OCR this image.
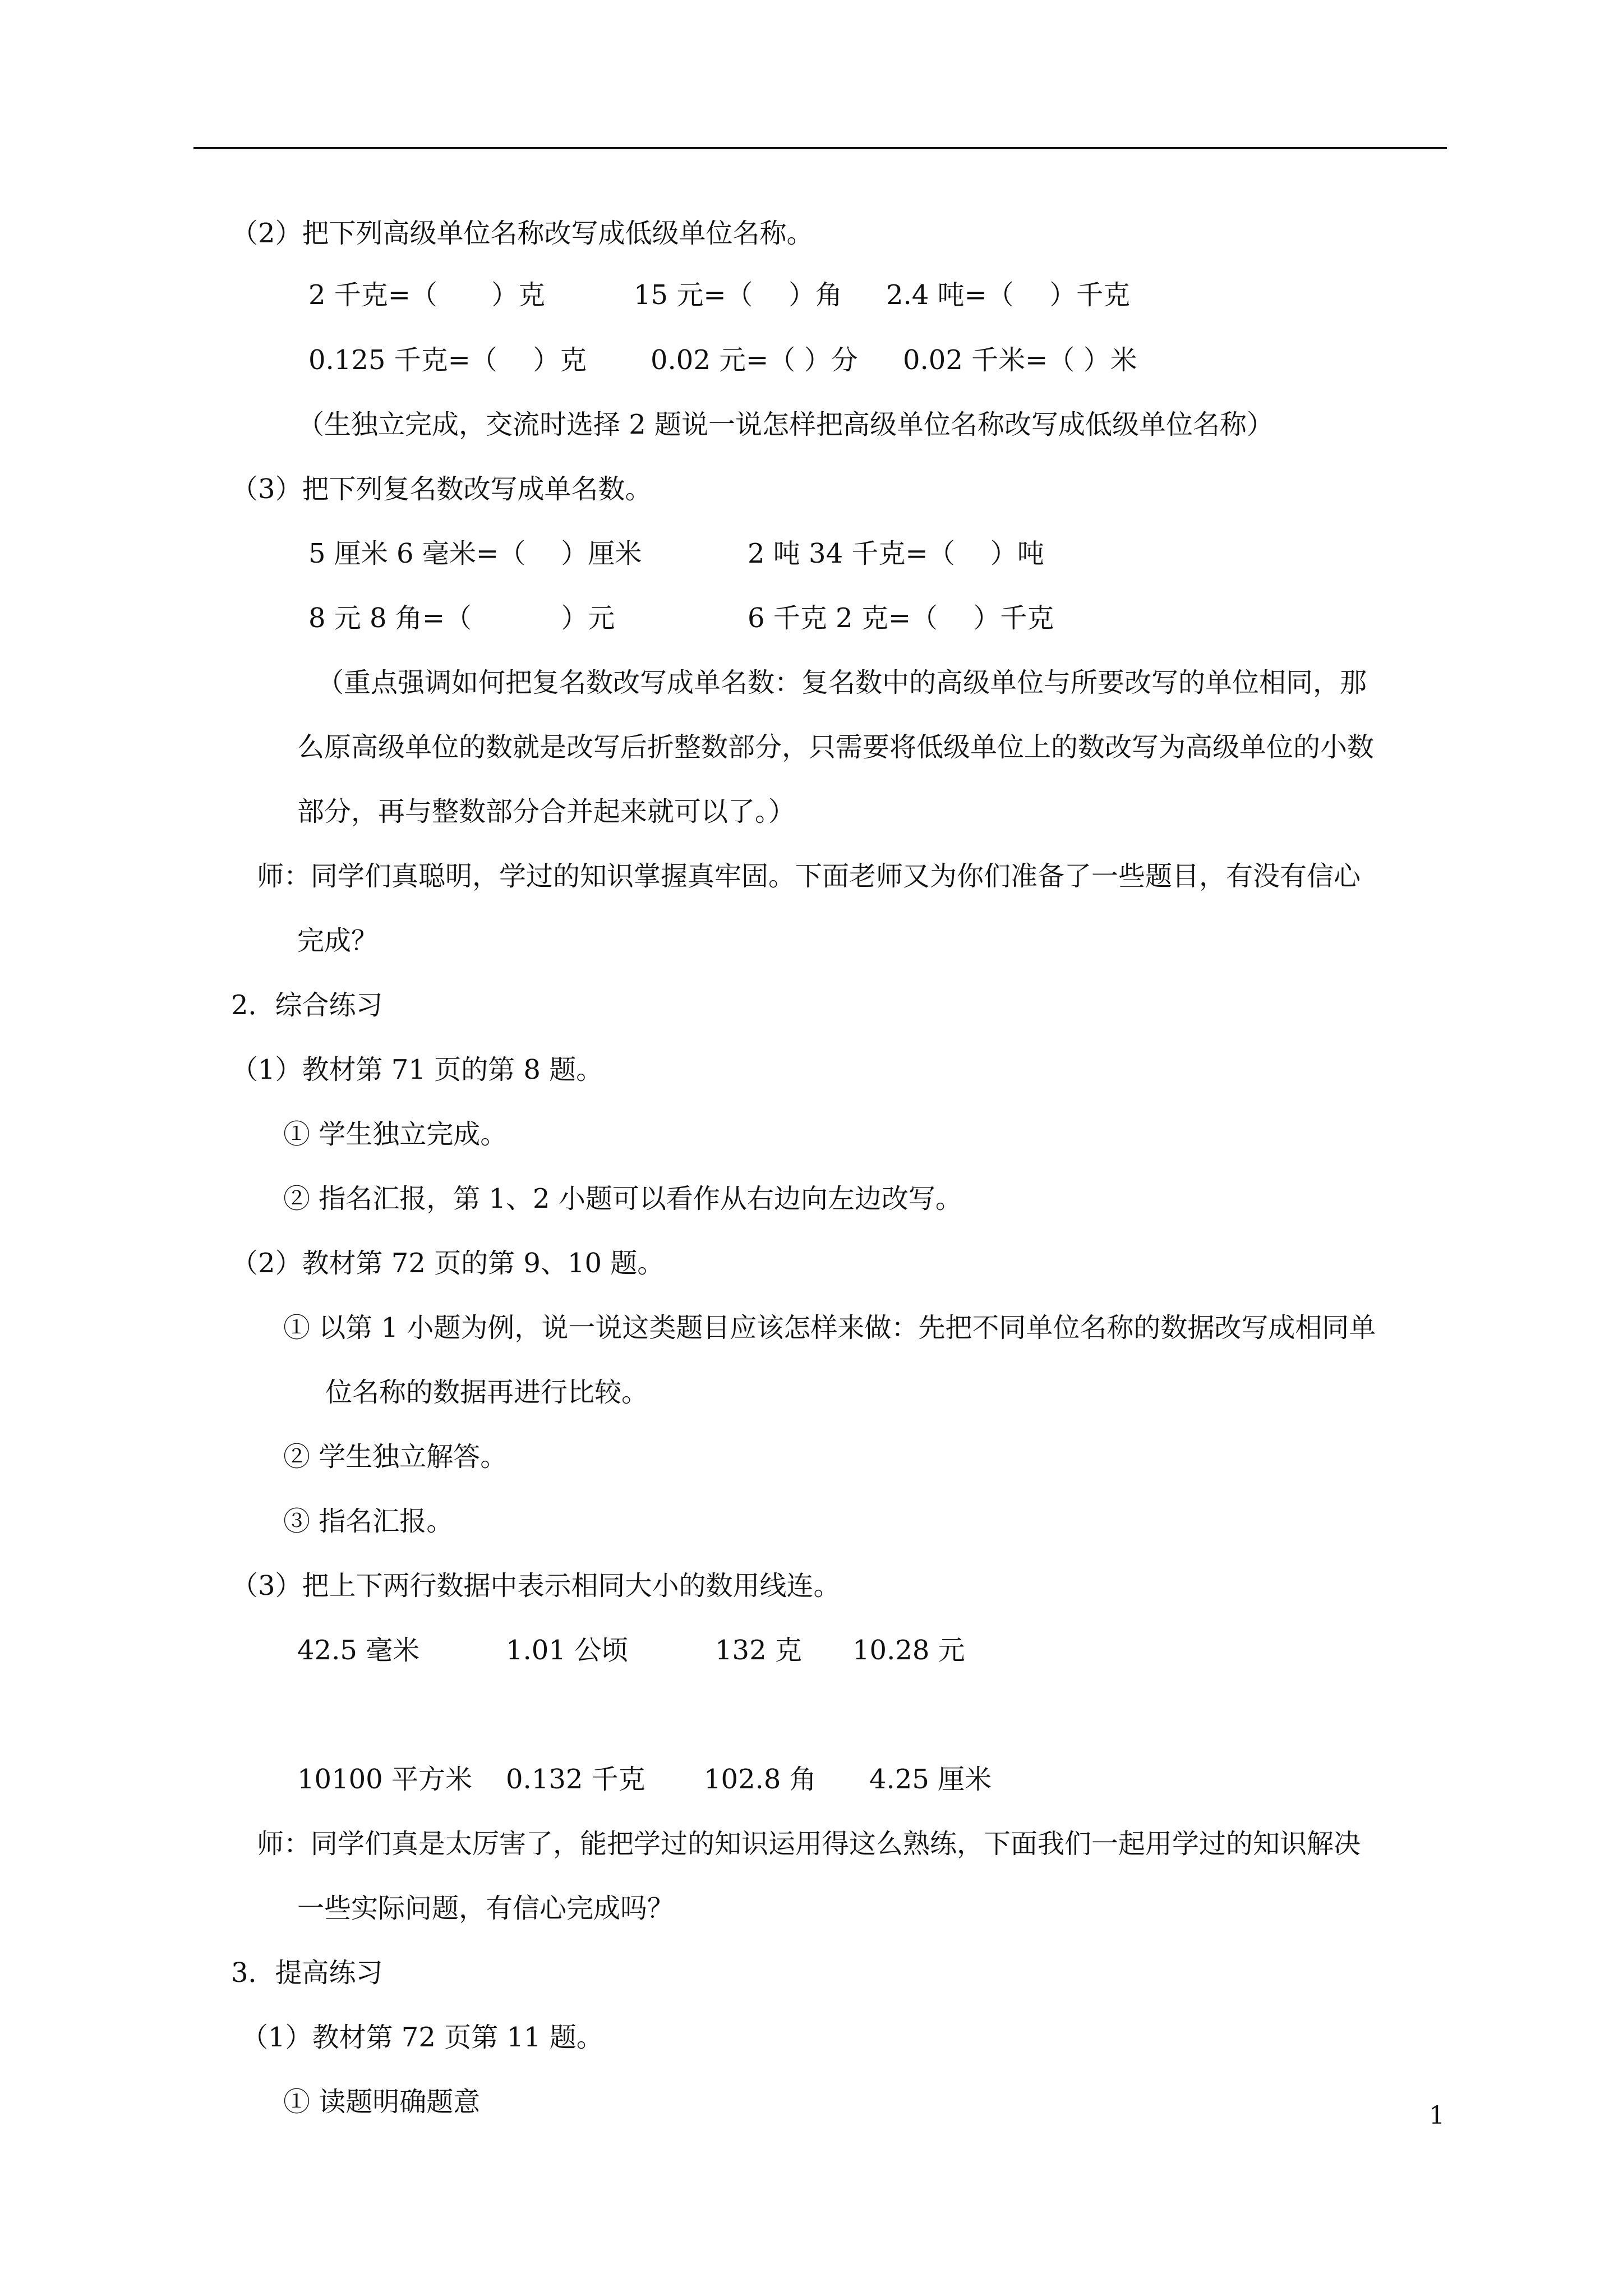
（2）把下列高级单位名称改写成低级单位名称。
2 千克=（　　）克	15 元=（　 ）角 2.4 吨=（　 ）千克
0.125 千克=（　 ）克 0.02 元=（ ）分 0.02 千米=（ ）米
（生独立完成，交流时选择 2 题说一说怎样把高级单位名称改写成低级单位名称）
（3）把下列复名数改写成单名数。
5 厘米 6 毫米=（　 ）厘米	2 吨 34 千克=（　 ）吨
8 元 8 角=（　　　 ）元	6 千克 2 克=（　 ）千克
（重点强调如何把复名数改写成单名数：复名数中的高级单位与所要改写的单位相同，那
么原高级单位的数就是改写后折整数部分，只需要将低级单位上的数改写为高级单位的小数
部分，再与整数部分合并起来就可以了。）
师：同学们真聪明，学过的知识掌握真牢固。下面老师又为你们准备了一些题目，有没有信心
完成？
2．综合练习
（1）教材第 71 页的第 8 题。
① 学生独立完成。
② 指名汇报，第 1、2 小题可以看作从右边向左边改写。
（2）教材第 72 页的第 9、10 题。
① 以第 1 小题为例，说一说这类题目应该怎样来做：先把不同单位名称的数据改写成相同单
位名称的数据再进行比较。
② 学生独立解答。
③ 指名汇报。
（3）把上下两行数据中表示相同大小的数用线连。
42.5 毫米	1.01 公顷	132 克 10.28 元
10100 平方米 0.132 千克 102.8 角 4.25 厘米
师：同学们真是太厉害了，能把学过的知识运用得这么熟练，下面我们一起用学过的知识解决
一些实际问题，有信心完成吗？
3．提高练习
（1）教材第 72 页第 11 题。
① 读题明确题意	1
